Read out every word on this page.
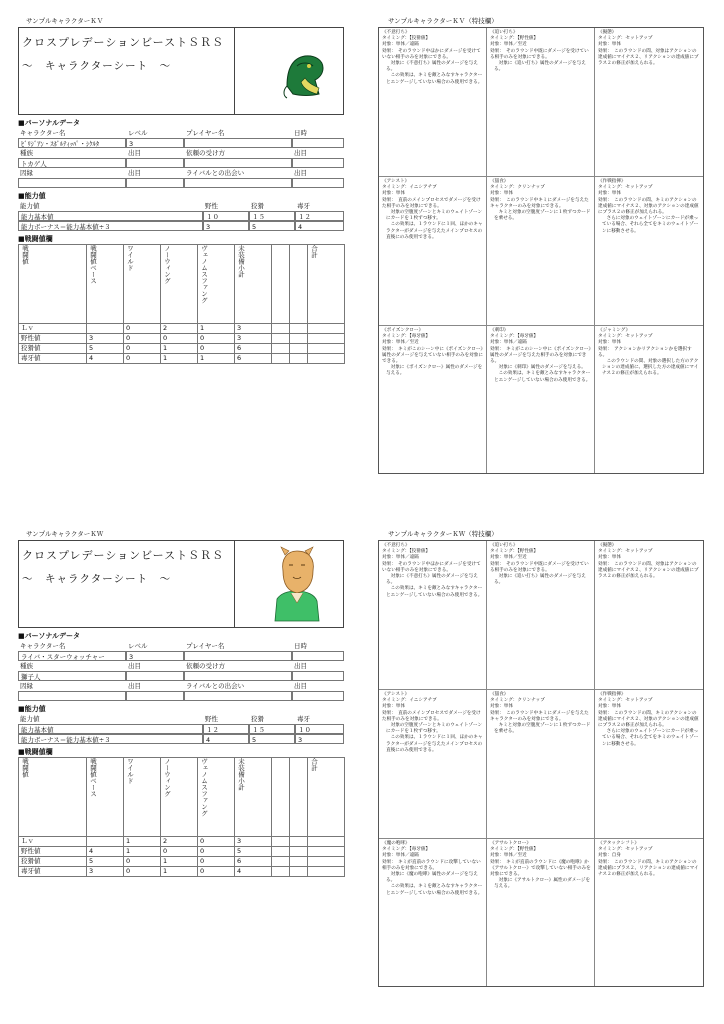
サンプルキャラクターＫＶ
クロスプレデーションビーストＳＲＳ
～　キャラクターシート　～
■パーソナルデータ
キャラクター名	レベル	プレイヤー名	日時
ﾋﾞﾘｼﾞｱﾝ・ｽﾎﾞﾙﾃｨｯﾊﾟ・ｼｸﾙﾀ	3
種族	出目	依頼の受け方	出目
トカゲ人
因縁	出目	ライバルとの出会い	出目
■能力値
能力値	野性	狡猾	毒牙
能力基本値	１０	１５	１２
能力ボーナス＝能力基本値÷３	3	5	4
■戦闘値欄
戦闘値	戦闘値ベース	ワイルド	ノーウィング	ヴェノムスファング	未装備小計			合計
Ｌｖ		0	2	1	3			
野性値	3	0	0	0	3			
狡猾値	5	0	1	0	6			
毒牙値	4	0	1	1	6			
サンプルキャラクターＫＶ（特技欄）
《不意打ち》
タイミング：【狡猾値】
対象：単体／遠隔
効果：　そのラウンド中ほかにダメージを受けていない相手のみを対象にできる。
　対象に《不意打ち》属性のダメージを与える。
　この効果は、キミを敵とみなすキャラクターとエンゲージしていない場合のみ使用できる。
《追い打ち》
タイミング：【野性値】
対象：単体／至近
効果：　そのラウンド中既にダメージを受けている相手のみを対象にできる。
　対象に《追い打ち》属性のダメージを与える。
《擬態》
タイミング：セットアップ
対象：単体
効果：　このラウンドの間、対象はアクションの達成値にマイナス２、リアクションの達成値にプラス２の修正が加えられる。
《アシスト》
タイミング：イニシアチブ
対象：単体
効果：　直前のメインプロセスでダメージを受けた相手のみを対象にできる。
　対象の空腹度ゾーンとキミのウェイトゾーンにカードを１枚ずつ移す。
　この効果は、１ラウンドに１回、ほかのキャラクターがダメージを与えたメインプロセスの直後にのみ使用できる。
《舐食》
タイミング：クリンナップ
対象：単体
効果：　このラウンド中キミにダメージを与えたキャラクターのみを対象にできる。
　キミと対象の空腹度ゾーンに１枚ずつカードを乗せる。
《作戦指揮》
タイミング：セットアップ
対象：単体
効果：　このラウンドの間、キミのアクションの達成値にマイナス２、対象のアクションの達成値にプラス２の修正が加えられる。
　さらに対象のウェイトゾーンにカードが乗っている場合、それら全てをキミのウェイトゾーンに移動させる。
《ポイズンクロー》
タイミング：【毒牙値】
対象：単体／至近
効果：　キミがこのシーン中に《ポイズンクロー》属性のダメージを与えていない相手のみを対象にできる。
　対象に《ポイズンクロー》属性のダメージを与える。
《刺印》
タイミング：【毒牙値】
対象：単体／遠隔
効果：　キミがこのシーン中に《ポイズンクロー》属性のダメージを与えた相手のみを対象にできる。
　対象に《刺印》属性のダメージを与える。
　この効果は、キミを敵とみなすキャラクターとエンゲージしていない場合のみ使用できる。
《ジャミング》
タイミング：セットアップ
対象：単体
効果：　アクションかリアクションかを選択する。
　このラウンドの間、対象の選択した方のアクションの達成値に、選択した方の達成値にマイナス２の修正が加えられる。
サンプルキャラクターＫＷ
クロスプレデーションビーストＳＲＳ
～　キャラクターシート　～
■パーソナルデータ
キャラクター名	レベル	プレイヤー名	日時
ライバ・スターウォッチャー	3
種族	出目	依頼の受け方	出目
獅子人
因縁	出目	ライバルとの出会い	出目
■能力値
能力値	野性	狡猾	毒牙
能力基本値	１２	１５	１０
能力ボーナス＝能力基本値÷３	4	5	3
■戦闘値欄
戦闘値	戦闘値ベース	ワイルド	ノーウィング	ヴェノムスファング	未装備小計			合計
Ｌｖ		1	2	0	3			
野性値	4	1	0	0	5			
狡猾値	5	0	1	0	6			
毒牙値	3	0	1	0	4			
サンプルキャラクターＫＷ（特技欄）
《不意打ち》
タイミング：【狡猾値】
対象：単体／遠隔
効果：　そのラウンド中ほかにダメージを受けていない相手のみを対象にできる。
　対象に《不意打ち》属性のダメージを与える。
　この効果は、キミを敵とみなすキャラクターとエンゲージしていない場合のみ使用できる。
《追い打ち》
タイミング：【野性値】
対象：単体／至近
効果：　そのラウンド中既にダメージを受けている相手のみを対象にできる。
　対象に《追い打ち》属性のダメージを与える。
《擬態》
タイミング：セットアップ
対象：単体
効果：　このラウンドの間、対象はアクションの達成値にマイナス２、リアクションの達成値にプラス２の修正が加えられる。
《アシスト》
タイミング：イニシアチブ
対象：単体
効果：　直前のメインプロセスでダメージを受けた相手のみを対象にできる。
　対象の空腹度ゾーンとキミのウェイトゾーンにカードを１枚ずつ移す。
　この効果は、１ラウンドに１回、ほかのキャラクターがダメージを与えたメインプロセスの直後にのみ使用できる。
《舐食》
タイミング：クリンナップ
対象：単体
効果：　このラウンド中キミにダメージを与えたキャラクターのみを対象にできる。
　キミと対象の空腹度ゾーンに１枚ずつカードを乗せる。
《作戦指揮》
タイミング：セットアップ
対象：単体
効果：　このラウンドの間、キミのアクションの達成値にマイナス２、対象のアクションの達成値にプラス２の修正が加えられる。
　さらに対象のウェイトゾーンにカードが乗っている場合、それら全てをキミのウェイトゾーンに移動させる。
《魔の咆哮》
タイミング：【毒牙値】
対象：単体／遠隔
効果：　キミが直前のラウンドに攻撃していない相手のみを対象にできる。
　対象に《魔の咆哮》属性のダメージを与える。
　この効果は、キミを敵とみなすキャラクターとエンゲージしていない場合のみ使用できる。
《アサルトクロー》
タイミング：【野性値】
対象：単体／至近
効果：　キミが直前のラウンドに《魔の咆哮》か《アサルトクロー》で攻撃していない相手のみを対象にできる。
　対象に《アサルトクロー》属性のダメージを与える。
《アタックシフト》
タイミング：セットアップ
対象：自身
効果：　このラウンドの間、キミのアクションの達成値にプラス２、リアクションの達成値にマイナス２の修正が加えられる。
